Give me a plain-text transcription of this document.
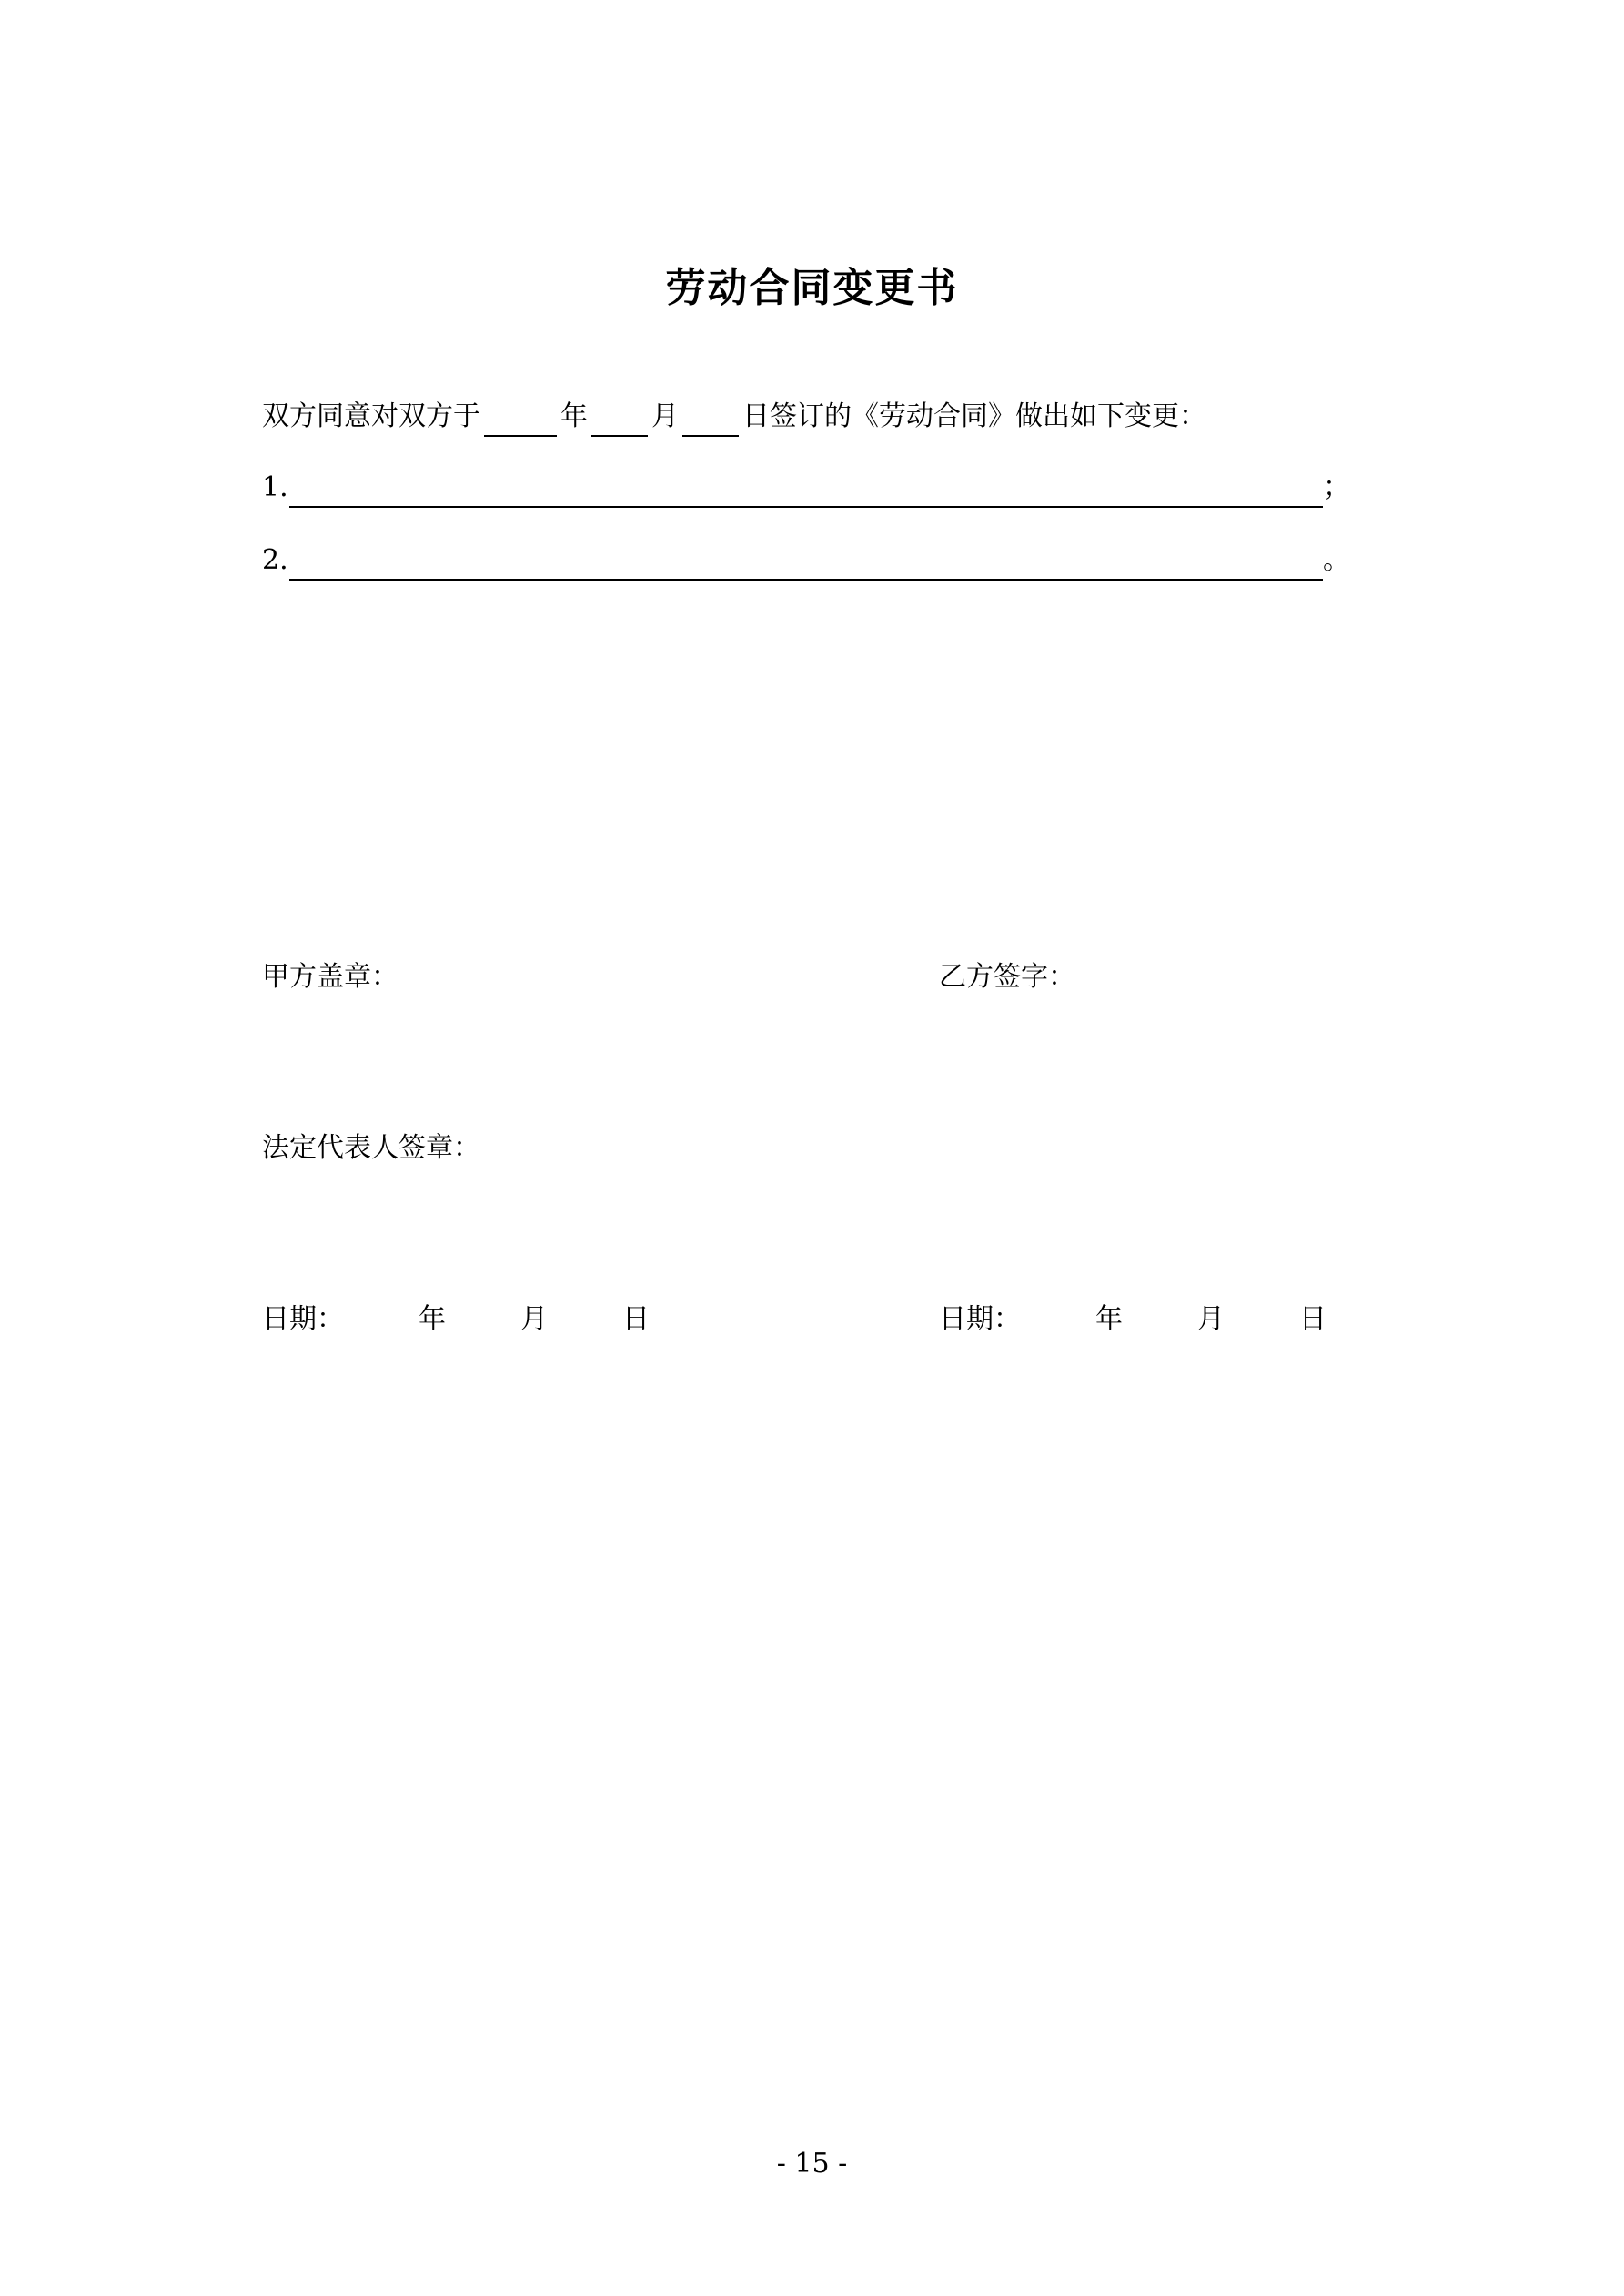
劳动合同变更书
双方同意对双方于	年 月 日签订的《劳动合同》做出如下变更：
1.	；
2.	。
甲方盖章：	乙方签字：
法定代表人签章：
日期：	年	月	日	日期：	年	月	日
- 15 -
